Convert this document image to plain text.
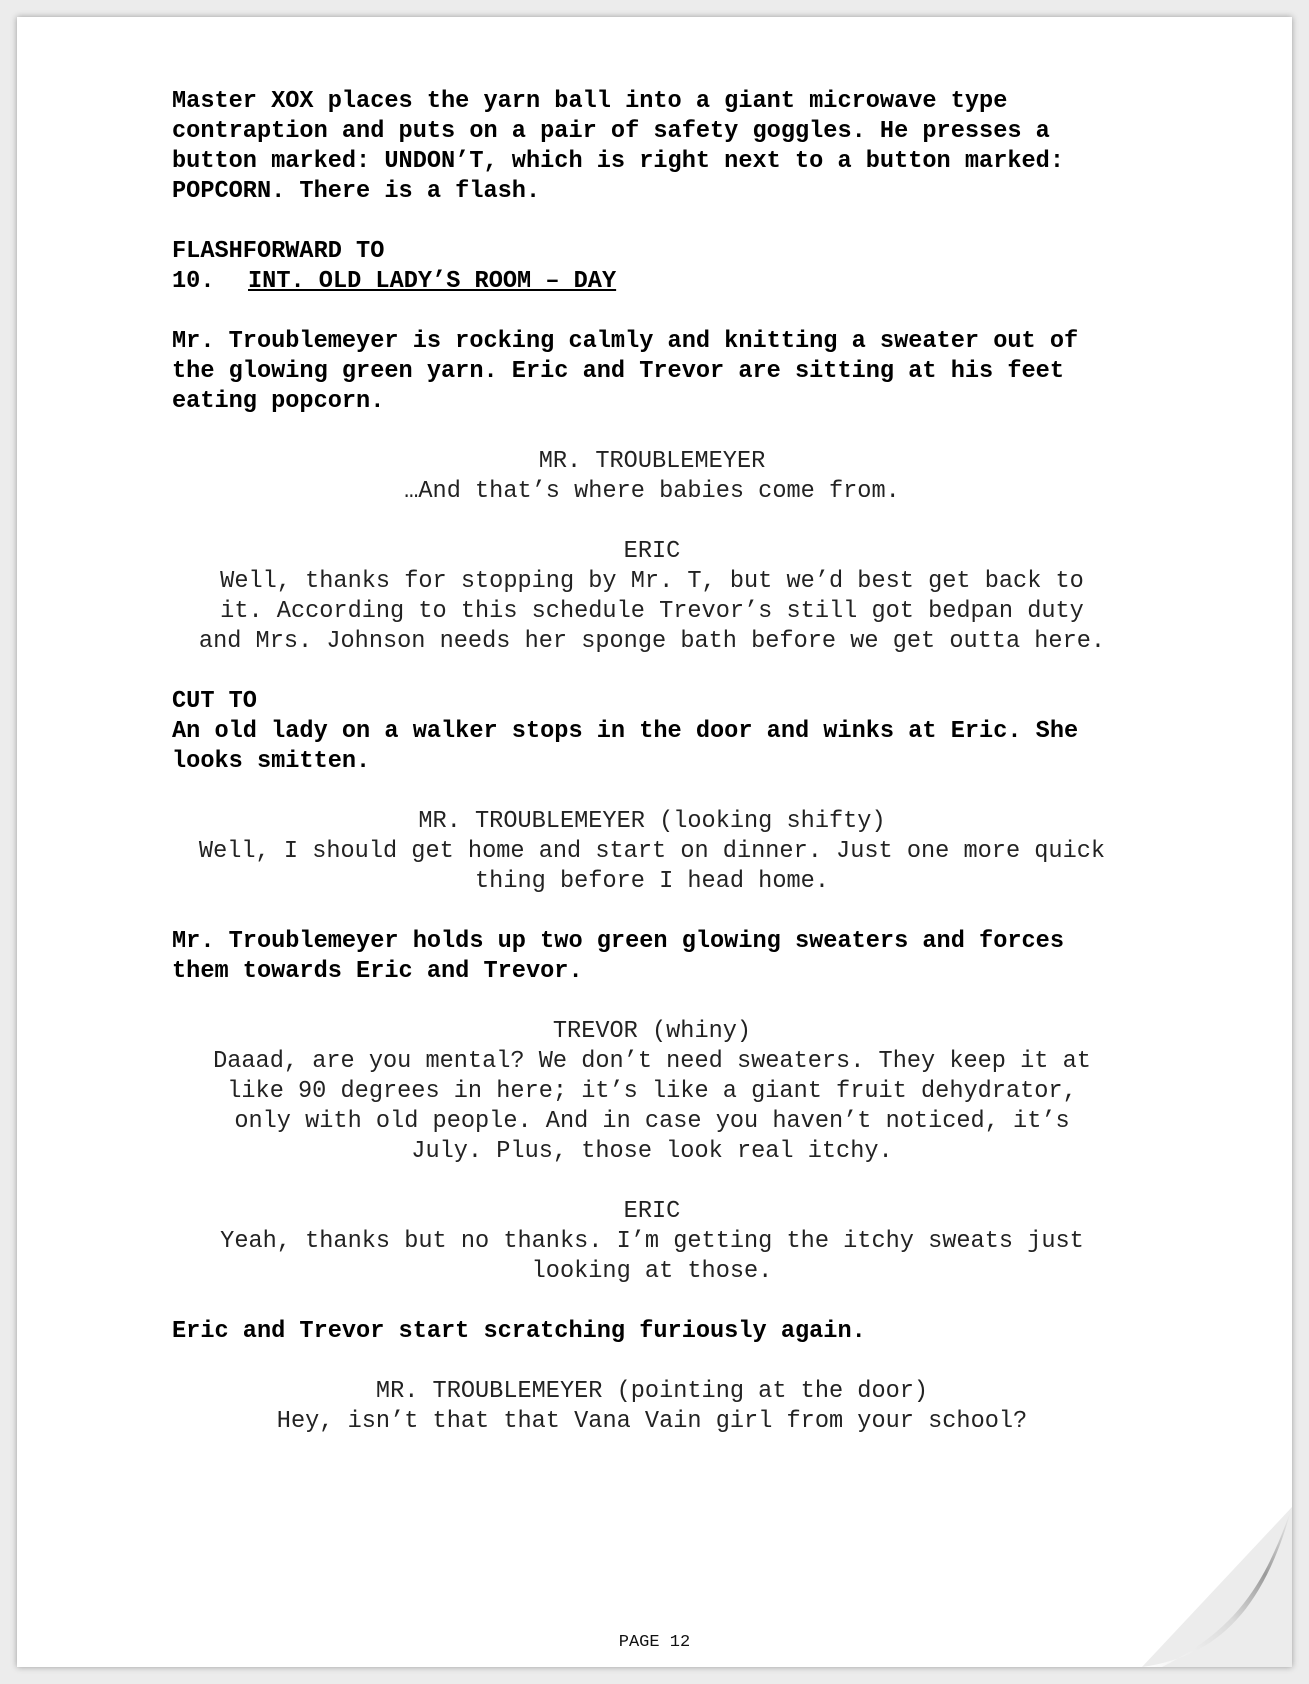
Master XOX places the yarn ball into a giant microwave type contraption and puts on a pair of safety goggles. He presses a button marked: UNDON’T, which is right next to a button marked: POPCORN. There is a flash.

FLASHFORWARD TO

10. INT. OLD LADY’S ROOM – DAY

Mr. Troublemeyer is rocking calmly and knitting a sweater out of the glowing green yarn. Eric and Trevor are sitting at his feet eating popcorn.

MR. TROUBLEMEYER
…And that’s where babies come from.
ERIC
Well, thanks for stopping by Mr. T, but we’d best get back to
it. According to this schedule Trevor’s still got bedpan duty
and Mrs. Johnson needs her sponge bath before we get outta here.

CUT TO

An old lady on a walker stops in the door and winks at Eric. She looks smitten.

MR. TROUBLEMEYER (looking shifty)
Well, I should get home and start on dinner. Just one more quick
thing before I head home.

Mr. Troublemeyer holds up two green glowing sweaters and forces them towards Eric and Trevor.

TREVOR (whiny)
Daaad, are you mental? We don’t need sweaters. They keep it at
like 90 degrees in here; it’s like a giant fruit dehydrator,
only with old people. And in case you haven’t noticed, it’s
July. Plus, those look real itchy.
ERIC
Yeah, thanks but no thanks. I’m getting the itchy sweats just
looking at those.

Eric and Trevor start scratching furiously again.

MR. TROUBLEMEYER (pointing at the door)
Hey, isn’t that that Vana Vain girl from your school?
PAGE 12
